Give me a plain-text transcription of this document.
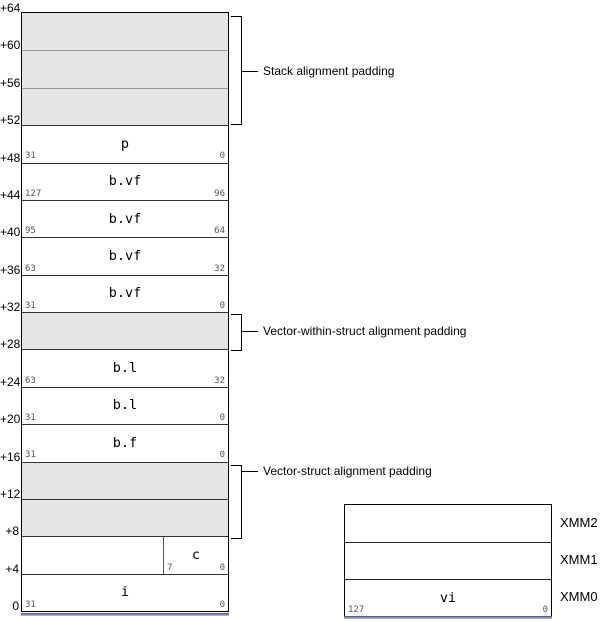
p
31	0
b.vf
127	96
b.vf
95	64
b.vf
63	32
b.vf
31	0
b.l
63	32
b.l
31	0
b.f
31	0
c
7	0
i
31	0
+64
+60
+56
+52
+48
+44
+40
+36
+32
+28
+24
+20
+16
+12
+8
+4
0
Stack alignment padding
Vector-within-struct alignment padding
Vector-struct alignment padding
vi
127	0
XMM2
XMM1
XMM0
